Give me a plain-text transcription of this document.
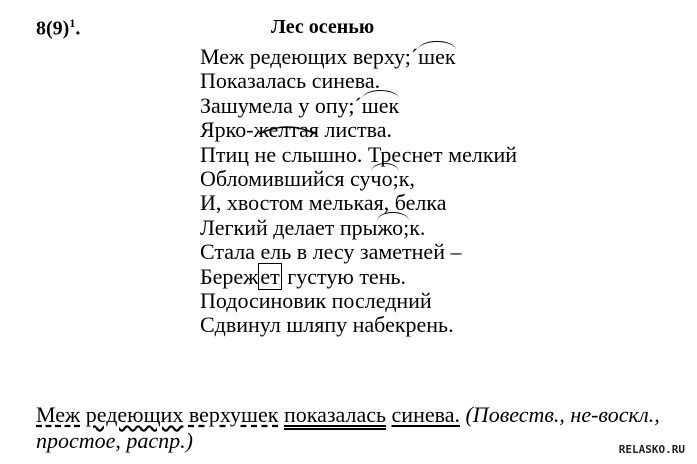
$8(9)^1$.	Лес осенью
Меж редеющих верху;´шек
Показалась синева.
Зашумела у опу;´шек
Ярко-желтая листва.
Птиц не слышно. Треснет мелкий
Обломившийся сучо;к,
И, хвостом мелькая, белка
Легкий делает прыжо;к.
Стала ель в лесу заметней –
Бережет густую тень.
Подосиновик последний
Сдвинул шляпу набекрень.
Меж редеющих верхушек показалась синева. (Повеств., не-воскл., простое, распр.)	RELASKO.RU
